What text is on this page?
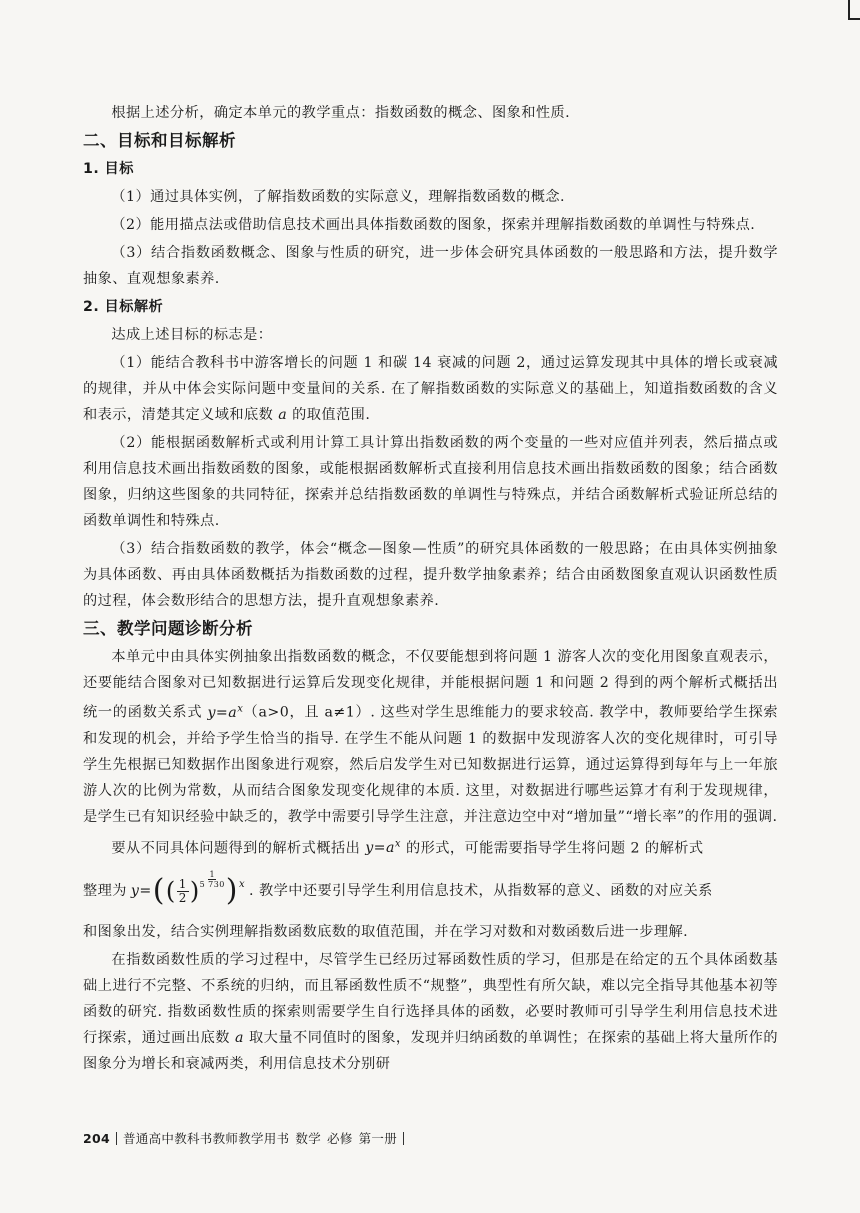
根据上述分析，确定本单元的教学重点：指数函数的概念、图象和性质.

二、目标和目标解析
1. 目标

（1）通过具体实例，了解指数函数的实际意义，理解指数函数的概念.

（2）能用描点法或借助信息技术画出具体指数函数的图象，探索并理解指数函数的单调性与特殊点.

（3）结合指数函数概念、图象与性质的研究，进一步体会研究具体函数的一般思路和方法，提升数学抽象、直观想象素养.

2. 目标解析

达成上述目标的标志是：

（1）能结合教科书中游客增长的问题 1 和碳 14 衰减的问题 2，通过运算发现其中具体的增长或衰减的规律，并从中体会实际问题中变量间的关系. 在了解指数函数的实际意义的基础上，知道指数函数的含义和表示，清楚其定义域和底数 a 的取值范围.

（2）能根据函数解析式或利用计算工具计算出指数函数的两个变量的一些对应值并列表，然后描点或利用信息技术画出指数函数的图象，或能根据函数解析式直接利用信息技术画出指数函数的图象；结合函数图象，归纳这些图象的共同特征，探索并总结指数函数的单调性与特殊点，并结合函数解析式验证所总结的函数单调性和特殊点.

（3）结合指数函数的教学，体会“概念—图象—性质”的研究具体函数的一般思路；在由具体实例抽象为具体函数、再由具体函数概括为指数函数的过程，提升数学抽象素养；结合由函数图象直观认识函数性质的过程，体会数形结合的思想方法，提升直观想象素养.

三、教学问题诊断分析

本单元中由具体实例抽象出指数函数的概念，不仅要能想到将问题 1 游客人次的变化用图象直观表示，还要能结合图象对已知数据进行运算后发现变化规律，并能根据问题 1 和问题 2 得到的两个解析式概括出统一的函数关系式 $y=a^x(a>0$，且 a≠1）. 这些对学生思维能力的要求较高. 教学中，教师要给学生探索和发现的机会，并给予学生恰当的指导. 在学生不能从问题 1 的数据中发现游客人次的变化规律时，可引导学生先根据已知数据作出图象进行观察，然后启发学生对已知数据进行运算，通过运算得到每年与上一年旅游人次的比例为常数，从而结合图象发现变化规律的本质. 这里，对数据进行哪些运算才有利于发现规律，是学生已有知识经验中缺乏的，教学中需要引导学生注意，并注意边空中对“增加量”“增长率”的作用的强调.

要从不同具体问题得到的解析式概括出 $y=a^x$ 的形式，可能需要指导学生将问题 2 的解析式

整理为 y= ( ( $\frac{1}{2}$ ) $\frac{1}{5 730}$ ) x . 教学中还要引导学生利用信息技术，从指数幂的意义、函数的对应关系

和图象出发，结合实例理解指数函数底数的取值范围，并在学习对数和对数函数后进一步理解.

在指数函数性质的学习过程中，尽管学生已经历过幂函数性质的学习，但那是在给定的五个具体函数基础上进行不完整、不系统的归纳，而且幂函数性质不“规整”，典型性有所欠缺，难以完全指导其他基本初等函数的研究. 指数函数性质的探索则需要学生自行选择具体的函数，必要时教师可引导学生利用信息技术进行探索，通过画出底数 a 取大量不同值时的图象，发现并归纳函数的单调性；在探索的基础上将大量所作的图象分为增长和衰减两类，利用信息技术分别研

204 普通高中教科书教师教学用书 数学 必修 第一册
